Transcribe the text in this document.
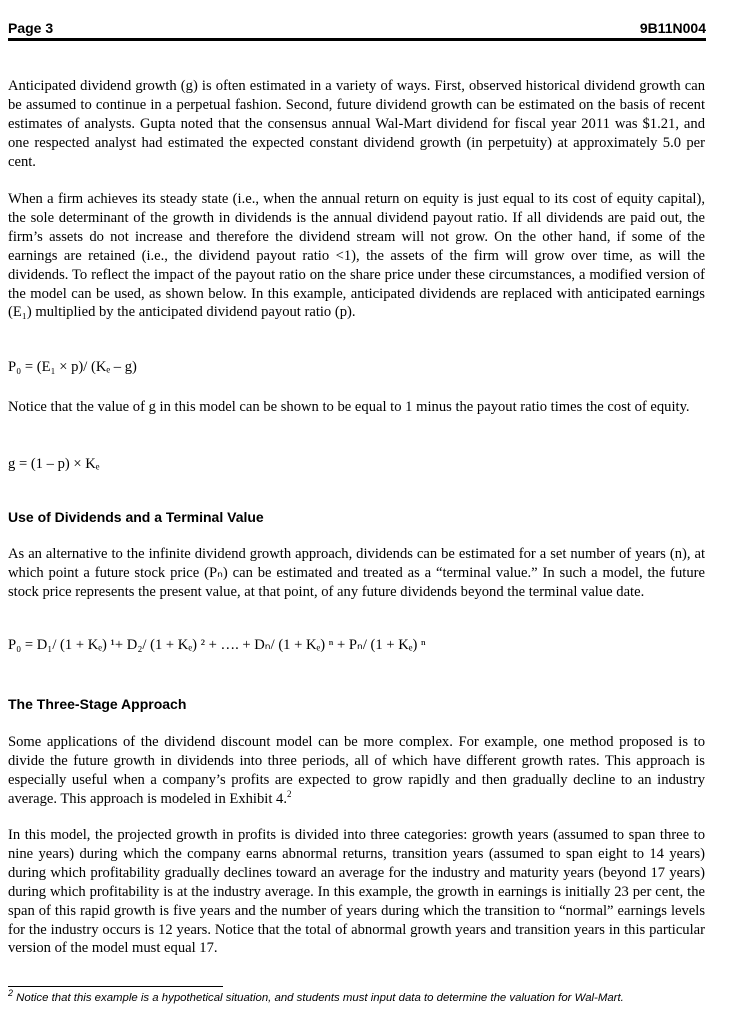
Page 3	9B11N004

Anticipated dividend growth (g) is often estimated in a variety of ways. First, observed historical dividend growth can be assumed to continue in a perpetual fashion. Second, future dividend growth can be estimated on the basis of recent estimates of analysts. Gupta noted that the consensus annual Wal-Mart dividend for fiscal year 2011 was $1.21, and one respected analyst had estimated the expected constant dividend growth (in perpetuity) at approximately 5.0 per cent.

When a firm achieves its steady state (i.e., when the annual return on equity is just equal to its cost of equity capital), the sole determinant of the growth in dividends is the annual dividend payout ratio. If all dividends are paid out, the firm’s assets do not increase and therefore the dividend stream will not grow. On the other hand, if some of the earnings are retained (i.e., the dividend payout ratio <1), the assets of the firm will grow over time, as will the dividends. To reflect the impact of the payout ratio on the share price under these circumstances, a modified version of the model can be used, as shown below. In this example, anticipated dividends are replaced with anticipated earnings (E₁) multiplied by the anticipated dividend payout ratio (p).

P₀ = (E₁ × p)/ (Kₑ – g)

Notice that the value of g in this model can be shown to be equal to 1 minus the payout ratio times the cost of equity.

g = (1 – p) × Kₑ

Use of Dividends and a Terminal Value

As an alternative to the infinite dividend growth approach, dividends can be estimated for a set number of years (n), at which point a future stock price (Pₙ) can be estimated and treated as a “terminal value.” In such a model, the future stock price represents the present value, at that point, of any future dividends beyond the terminal value date.

P₀ = D₁/ (1 + Kₑ) ¹+ D₂/ (1 + Kₑ) ² + …. + Dₙ/ (1 + Kₑ) ⁿ + Pₙ/ (1 + Kₑ) ⁿ

The Three-Stage Approach

Some applications of the dividend discount model can be more complex. For example, one method proposed is to divide the future growth in dividends into three periods, all of which have different growth rates. This approach is especially useful when a company’s profits are expected to grow rapidly and then gradually decline to an industry average. This approach is modeled in Exhibit 4.$^2$

In this model, the projected growth in profits is divided into three categories: growth years (assumed to span three to nine years) during which the company earns abnormal returns, transition years (assumed to span eight to 14 years) during which profitability gradually declines toward an average for the industry and maturity years (beyond 17 years) during which profitability is at the industry average. In this example, the growth in earnings is initially 23 per cent, the span of this rapid growth is five years and the number of years during which the transition to “normal” earnings levels for the industry occurs is 12 years. Notice that the total of abnormal growth years and transition years in this particular version of the model must equal 17.

$^2$ Notice that this example is a hypothetical situation, and students must input data to determine the valuation for Wal-Mart.
